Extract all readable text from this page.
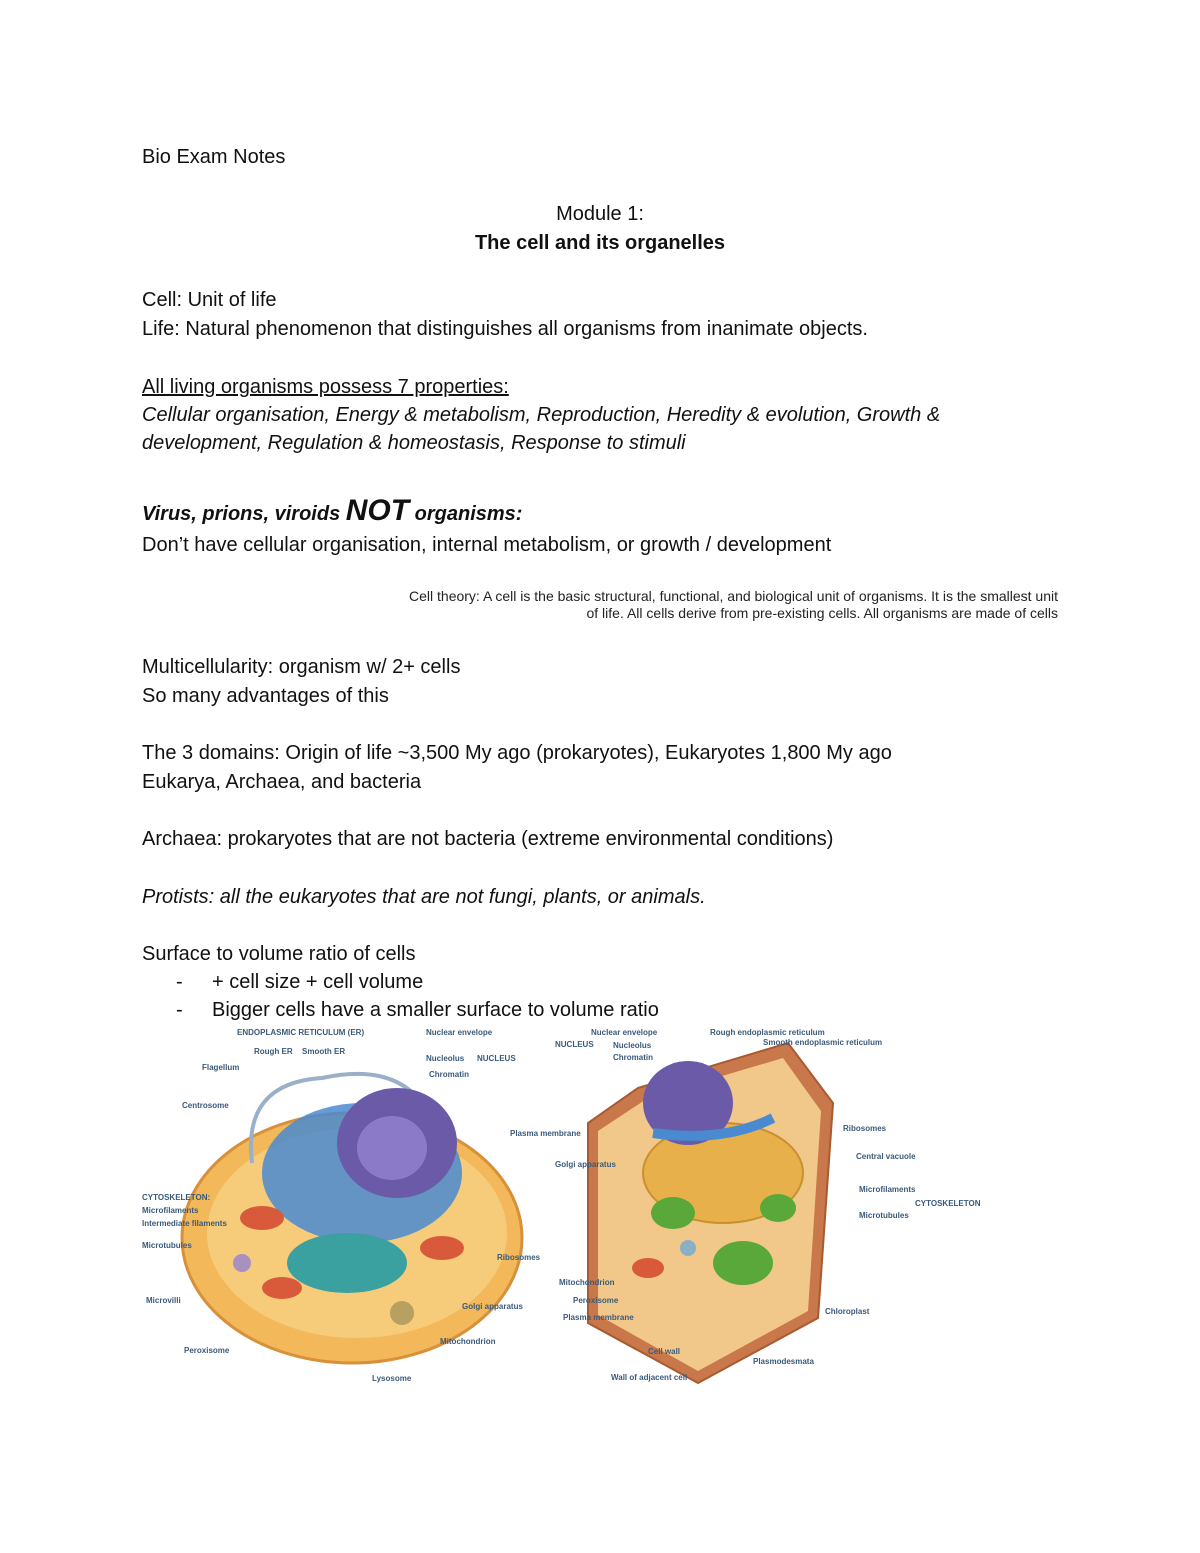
Bio Exam Notes
Module 1:
The cell and its organelles
Cell: Unit of life
Life: Natural phenomenon that distinguishes all organisms from inanimate objects.
All living organisms possess 7 properties:
Cellular organisation, Energy & metabolism, Reproduction, Heredity & evolution, Growth &
development, Regulation & homeostasis, Response to stimuli
Virus, prions, viroids NOT organisms:
Don’t have cellular organisation, internal metabolism, or growth / development
Cell theory: A cell is the basic structural, functional, and biological unit of organisms. It is the smallest unit
of life. All cells derive from pre-existing cells. All organisms are made of cells
Multicellularity: organism w/ 2+ cells
So many advantages of this
The 3 domains: Origin of life ~3,500 My ago (prokaryotes), Eukaryotes 1,800 My ago
Eukarya, Archaea, and bacteria
Archaea: prokaryotes that are not bacteria (extreme environmental conditions)
Protists: all the eukaryotes that are not fungi, plants, or animals.
Surface to volume ratio of cells
- + cell size + cell volume
- Bigger cells have a smaller surface to volume ratio
ENDOPLASMIC RETICULUM (ER)
Rough ER Smooth ER
Nuclear envelope
Nucleolus NUCLEUS
Chromatin
Flagellum
Centrosome
Plasma membrane
CYTOSKELETON:
Microfilaments
Intermediate filaments
Microtubules
Ribosomes
Microvilli
Golgi apparatus
Mitochondrion
Peroxisome
Lysosome
Nuclear envelope
Nucleolus
Chromatin
NUCLEUS
Rough endoplasmic reticulum
Smooth endoplasmic reticulum
Ribosomes
Central vacuole
Golgi apparatus
Microfilaments
CYTOSKELETON
Microtubules
Mitochondrion
Peroxisome
Plasma membrane
Chloroplast
Cell wall
Plasmodesmata
Wall of adjacent cell
